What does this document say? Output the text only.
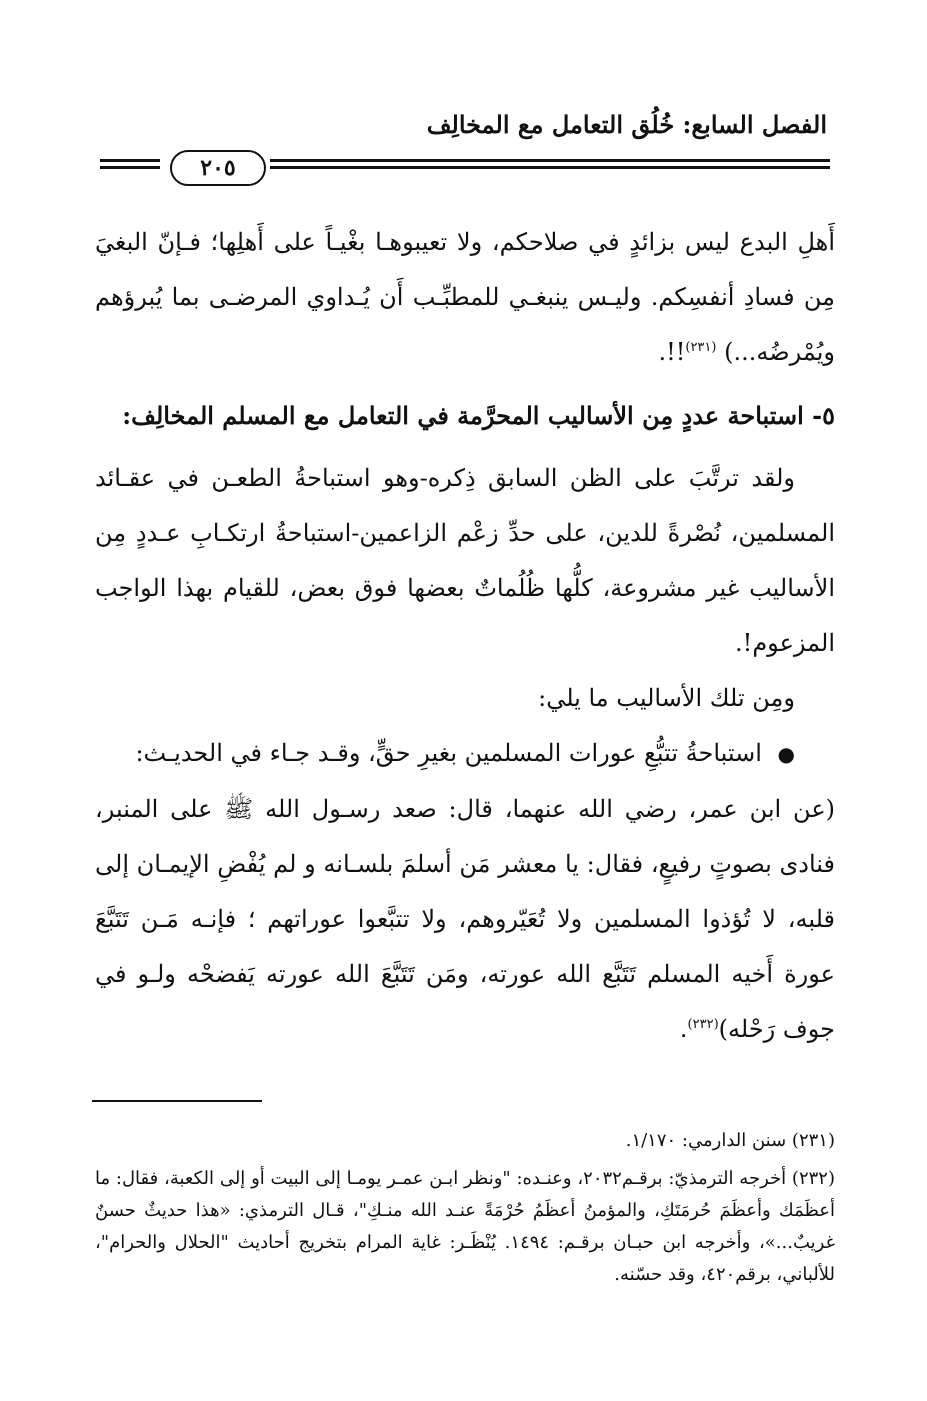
الفصل السابع: خُلُق التعامل مع المخالِف
٢٠٥

أَهلِ البدع ليس بزائدٍ في صلاحكم، ولا تعيبوهـا بغْيـاً على أَهلِها؛ فـإنّ البغيَ مِن فسادِ أنفسِكم. وليـس ينبغـي للمطبِّـب أَن يُـداوي المرضـى بما يُبرؤهم ويُمْرضُه...) $^{(٢٣١)}$!!.

٥- استباحة عددٍ مِن الأساليب المحرَّمة في التعامل مع المسلم المخالِف:

ولقد ترتَّبَ على الظن السابق ذِكره-وهو استباحةُ الطعـن في عقـائد المسلمين، نُصْرةً للدين، على حدِّ زعْم الزاعمين-استباحةُ ارتكـابِ عـددٍ مِن الأساليب غير مشروعة، كلُّها ظُلُماتٌ بعضها فوق بعض، للقيام بهذا الواجب المزعوم!.

ومِن تلك الأساليب ما يلي:

● استباحةُ تتبُّعِ عورات المسلمين بغيرِ حقٍّ، وقـد جـاء في الحديـث:

(عن ابن عمر، رضي الله عنهما، قال: صعد رسـول الله ﷺ على المنبر، فنادى بصوتٍ رفيعٍ، فقال: يا معشر مَن أسلمَ بلسـانه و لم يُفْضِ الإيمـان إلى قلبه، لا تُؤذوا المسلمين ولا تُعَيّروهم، ولا تتبَّعوا عوراتهم ؛ فإنـه مَـن تَتَبَّعَ عورة أَخيه المسلم تَتَبَّع الله عورته، ومَن تَتَبَّعَ الله عورته يَفضحْه ولـو في جوف رَحْله)$^{(٢٣٢)}$.

(٢٣١) سنن الدارمي: ١/١٧٠.

(٢٣٢) أخرجه الترمذيّ: برقـم٢٠٣٢، وعنـده: "ونظر ابـن عمـر يومـا إلى البيت أو إلى الكعبة، فقال: ما أعظَمَك وأعظَمَ حُرمَتَكِ، والمؤمنُ أعظَمُ حُرْمَةً عنـد الله منـكِ"، قـال الترمذي: «هذا حديثٌ حسنٌ غريبٌ...»، وأخرجه ابن حبـان برقـم: ١٤٩٤. يُنْظَـر: غاية المرام بتخريج أحاديث "الحلال والحرام"، للألباني، برقم٤٢٠، وقد حسّنه.
